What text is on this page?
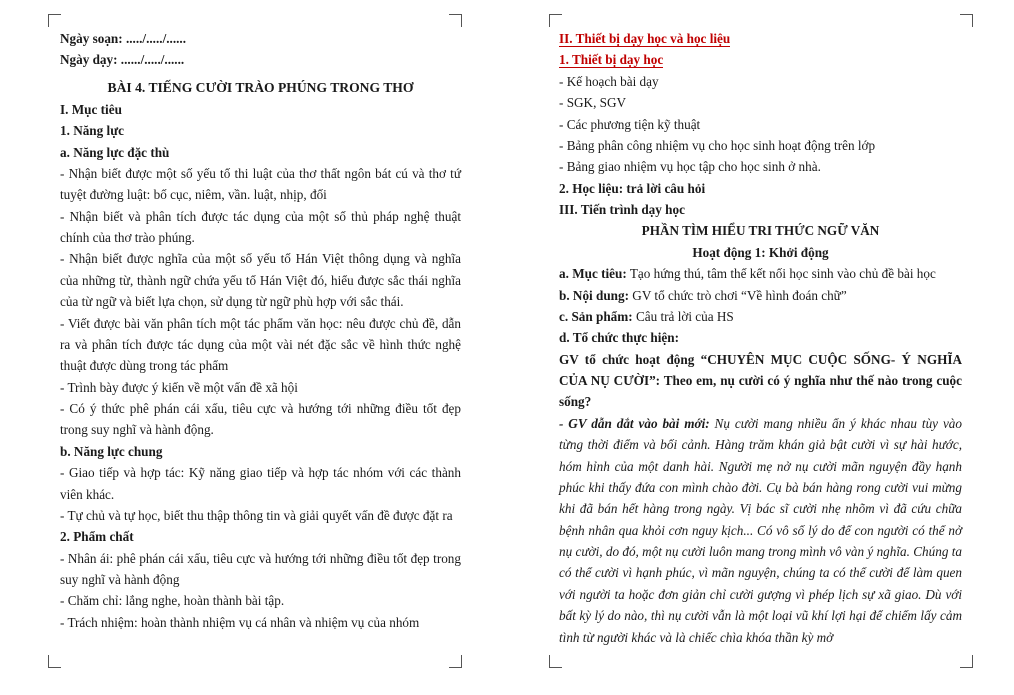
Ngày soạn: ...../...../......

Ngày dạy: ....../...../......

BÀI 4. TIẾNG CƯỜI TRÀO PHÚNG TRONG THƠ

I. Mục tiêu

1. Năng lực

a. Năng lực đặc thù

- Nhận biết được một số yếu tố thi luật của thơ thất ngôn bát cú và thơ tứ tuyệt đường luật: bố cục, niêm, vần. luật, nhịp, đối

- Nhận biết và phân tích được tác dụng của một số thủ pháp nghệ thuật chính của thơ trào phúng.

- Nhận biết được nghĩa của một số yếu tố Hán Việt thông dụng và nghĩa của những từ, thành ngữ chứa yếu tố Hán Việt đó, hiểu được sắc thái nghĩa của từ ngữ và biết lựa chọn, sử dụng từ ngữ phù hợp với sắc thái.

- Viết được bài văn phân tích một tác phẩm văn học: nêu được chủ đề, dẫn ra và phân tích được tác dụng của một vài nét đặc sắc về hình thức nghệ thuật được dùng trong tác phẩm

- Trình bày được ý kiến về một vấn đề xã hội

- Có ý thức phê phán cái xấu, tiêu cực và hướng tới những điều tốt đẹp trong suy nghĩ và hành động.

b. Năng lực chung

- Giao tiếp và hợp tác: Kỹ năng giao tiếp và hợp tác nhóm với các thành viên khác.

- Tự chủ và tự học, biết thu thập thông tin và giải quyết vấn đề được đặt ra

2. Phẩm chất

- Nhân ái: phê phán cái xấu, tiêu cực và hướng tới những điều tốt đẹp trong suy nghĩ và hành động

- Chăm chỉ: lắng nghe, hoàn thành bài tập.

- Trách nhiệm: hoàn thành nhiệm vụ cá nhân và nhiệm vụ của nhóm

II. Thiết bị dạy học và học liệu

1. Thiết bị dạy học

- Kế hoạch bài dạy

- SGK, SGV

- Các phương tiện kỹ thuật

- Bảng phân công nhiệm vụ cho học sinh hoạt động trên lớp

- Bảng giao nhiệm vụ học tập cho học sinh ở nhà.

2. Học liệu: trả lời câu hỏi

III. Tiến trình dạy học

PHẦN TÌM HIỂU TRI THỨC NGỮ VĂN

Hoạt động 1: Khởi động

a. Mục tiêu: Tạo hứng thú, tâm thế kết nối học sinh vào chủ đề bài học

b. Nội dung: GV tổ chức trò chơi “Về hình đoán chữ”

c. Sản phẩm: Câu trả lời của HS

d. Tổ chức thực hiện:

GV tổ chức hoạt động “CHUYÊN MỤC CUỘC SỐNG- Ý NGHĨA CỦA NỤ CƯỜI”: Theo em, nụ cười có ý nghĩa như thế nào trong cuộc sống?

- GV dẫn dắt vào bài mới: Nụ cười mang nhiều ẩn ý khác nhau tùy vào từng thời điểm và bối cảnh. Hàng trăm khán giả bật cười vì sự hài hước, hóm hỉnh của một danh hài. Người mẹ nở nụ cười mãn nguyện đầy hạnh phúc khi thấy đứa con mình chào đời. Cụ bà bán hàng rong cười vui mừng khi đã bán hết hàng trong ngày. Vị bác sĩ cười nhẹ nhõm vì đã cứu chữa bệnh nhân qua khỏi cơn nguy kịch... Có vô số lý do để con người có thể nở nụ cười, do đó, một nụ cười luôn mang trong mình vô vàn ý nghĩa. Chúng ta có thể cười vì hạnh phúc, vì mãn nguyện, chúng ta có thể cười để làm quen với người ta hoặc đơn giản chỉ cười gượng vì phép lịch sự xã giao. Dù với bất kỳ lý do nào, thì nụ cười vẫn là một loại vũ khí lợi hại để chiếm lấy cảm tình từ người khác và là chiếc chìa khóa thần kỳ mở
